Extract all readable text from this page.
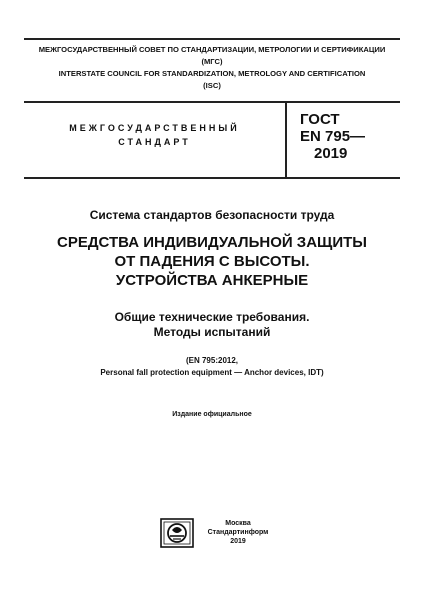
МЕЖГОСУДАРСТВЕННЫЙ СОВЕТ ПО СТАНДАРТИЗАЦИИ, МЕТРОЛОГИИ И СЕРТИФИКАЦИИ
(МГС)
INTERSTATE COUNCIL FOR STANDARDIZATION, METROLOGY AND CERTIFICATION
(ISC)
МЕЖГОСУДАРСТВЕННЫЙ
СТАНДАРТ
ГОСТ
EN 795—
2019
Система стандартов безопасности труда
СРЕДСТВА ИНДИВИДУАЛЬНОЙ ЗАЩИТЫ
ОТ ПАДЕНИЯ С ВЫСОТЫ.
УСТРОЙСТВА АНКЕРНЫЕ
Общие технические требования.
Методы испытаний
(EN 795:2012,
Personal fall protection equipment — Anchor devices, IDT)
Издание официальное
Москва
Стандартинформ
2019
